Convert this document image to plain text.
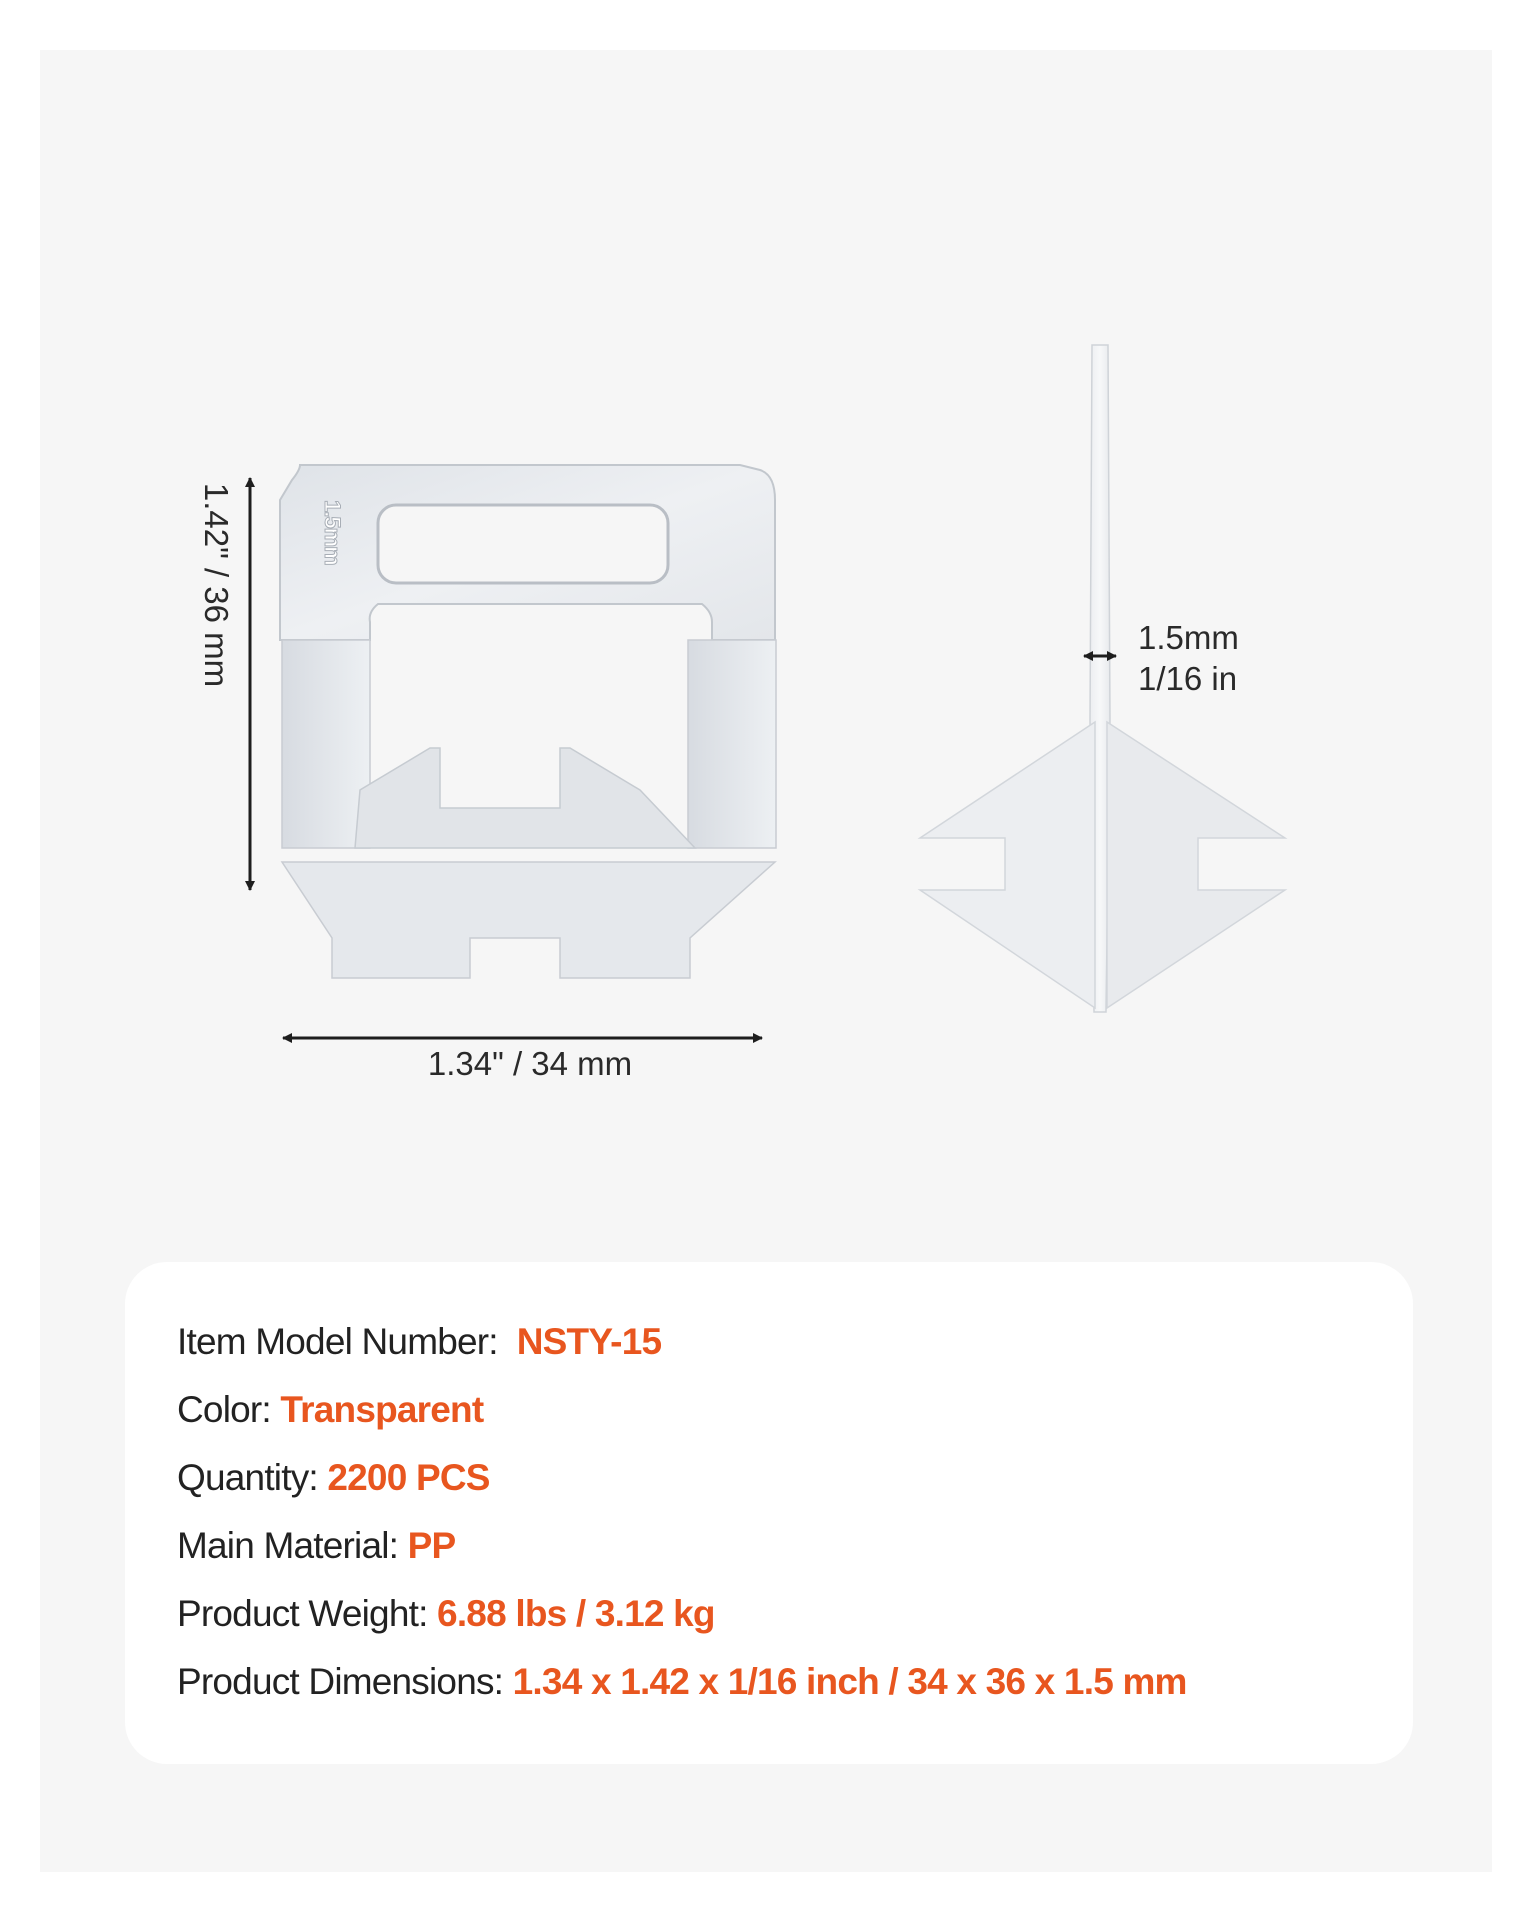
1.5mm
1.42" / 36 mm
1.34" / 34 mm
1.5mm
1/16 in
Item Model Number: NSTY-15
Color: Transparent
Quantity: 2200 PCS
Main Material: PP
Product Weight: 6.88 lbs / 3.12 kg
Product Dimensions: 1.34 x 1.42 x 1/16 inch / 34 x 36 x 1.5 mm
